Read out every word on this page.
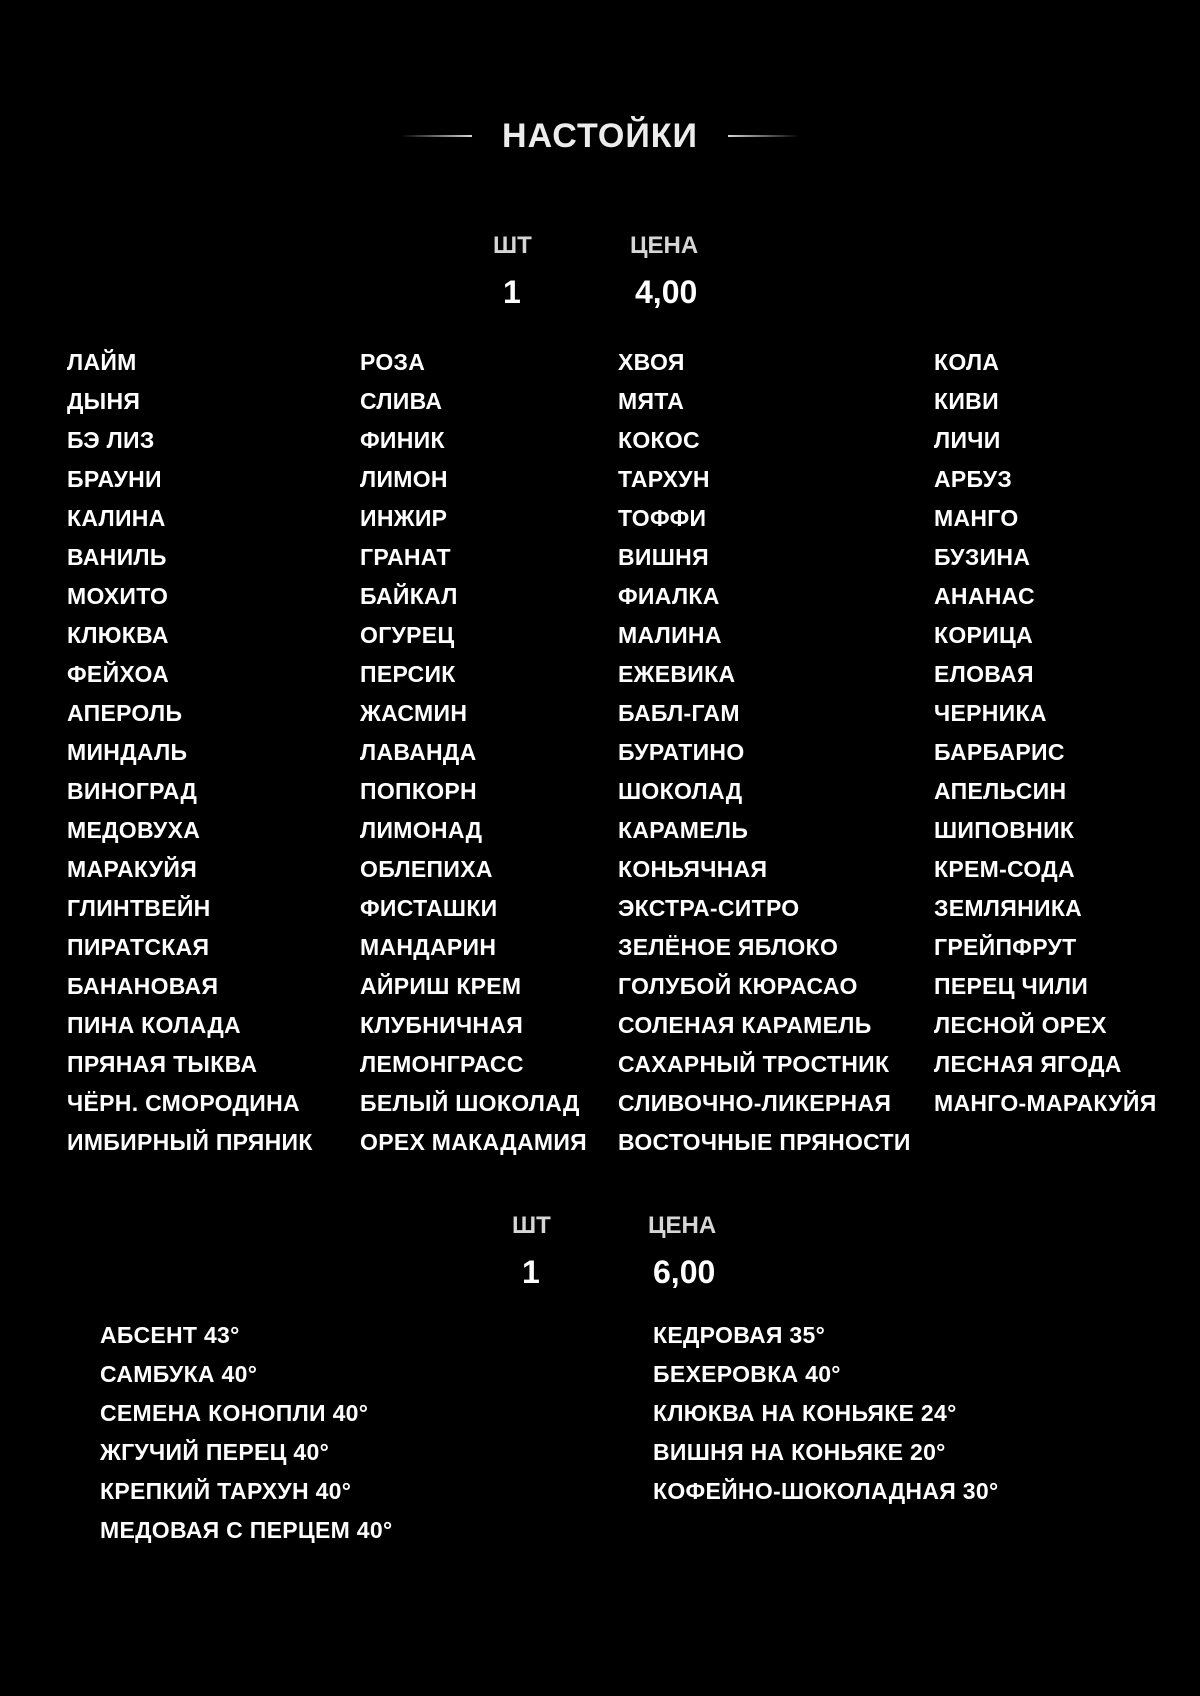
НАСТОЙКИ
ШТ	ЦЕНА
1	4,00
ЛАЙМ
ДЫНЯ
БЭ ЛИЗ
БРАУНИ
КАЛИНА
ВАНИЛЬ
МОХИТО
КЛЮКВА
ФЕЙХОА
АПЕРОЛЬ
МИНДАЛЬ
ВИНОГРАД
МЕДОВУХА
МАРАКУЙЯ
ГЛИНТВЕЙН
ПИРАТСКАЯ
БАНАНОВАЯ
ПИНА КОЛАДА
ПРЯНАЯ ТЫКВА
ЧЁРН. СМОРОДИНА
ИМБИРНЫЙ ПРЯНИК
РОЗА
СЛИВА
ФИНИК
ЛИМОН
ИНЖИР
ГРАНАТ
БАЙКАЛ
ОГУРЕЦ
ПЕРСИК
ЖАСМИН
ЛАВАНДА
ПОПКОРН
ЛИМОНАД
ОБЛЕПИХА
ФИСТАШКИ
МАНДАРИН
АЙРИШ КРЕМ
КЛУБНИЧНАЯ
ЛЕМОНГРАСС
БЕЛЫЙ ШОКОЛАД
ОРЕХ МАКАДАМИЯ
ХВОЯ
МЯТА
КОКОС
ТАРХУН
ТОФФИ
ВИШНЯ
ФИАЛКА
МАЛИНА
ЕЖЕВИКА
БАБЛ-ГАМ
БУРАТИНО
ШОКОЛАД
КАРАМЕЛЬ
КОНЬЯЧНАЯ
ЭКСТРА-СИТРО
ЗЕЛЁНОЕ ЯБЛОКО
ГОЛУБОЙ КЮРАСАО
СОЛЕНАЯ КАРАМЕЛЬ
САХАРНЫЙ ТРОСТНИК
СЛИВОЧНО-ЛИКЕРНАЯ
ВОСТОЧНЫЕ ПРЯНОСТИ
КОЛА
КИВИ
ЛИЧИ
АРБУЗ
МАНГО
БУЗИНА
АНАНАС
КОРИЦА
ЕЛОВАЯ
ЧЕРНИКА
БАРБАРИС
АПЕЛЬСИН
ШИПОВНИК
КРЕМ-СОДА
ЗЕМЛЯНИКА
ГРЕЙПФРУТ
ПЕРЕЦ ЧИЛИ
ЛЕСНОЙ ОРЕХ
ЛЕСНАЯ ЯГОДА
МАНГО-МАРАКУЙЯ
ШТ	ЦЕНА
1	6,00
АБСЕНТ 43°
САМБУКА 40°
СЕМЕНА КОНОПЛИ 40°
ЖГУЧИЙ ПЕРЕЦ 40°
КРЕПКИЙ ТАРХУН 40°
МЕДОВАЯ С ПЕРЦЕМ 40°
КЕДРОВАЯ 35°
БЕХЕРОВКА 40°
КЛЮКВА НА КОНЬЯКЕ 24°
ВИШНЯ НА КОНЬЯКЕ 20°
КОФЕЙНО-ШОКОЛАДНАЯ 30°
